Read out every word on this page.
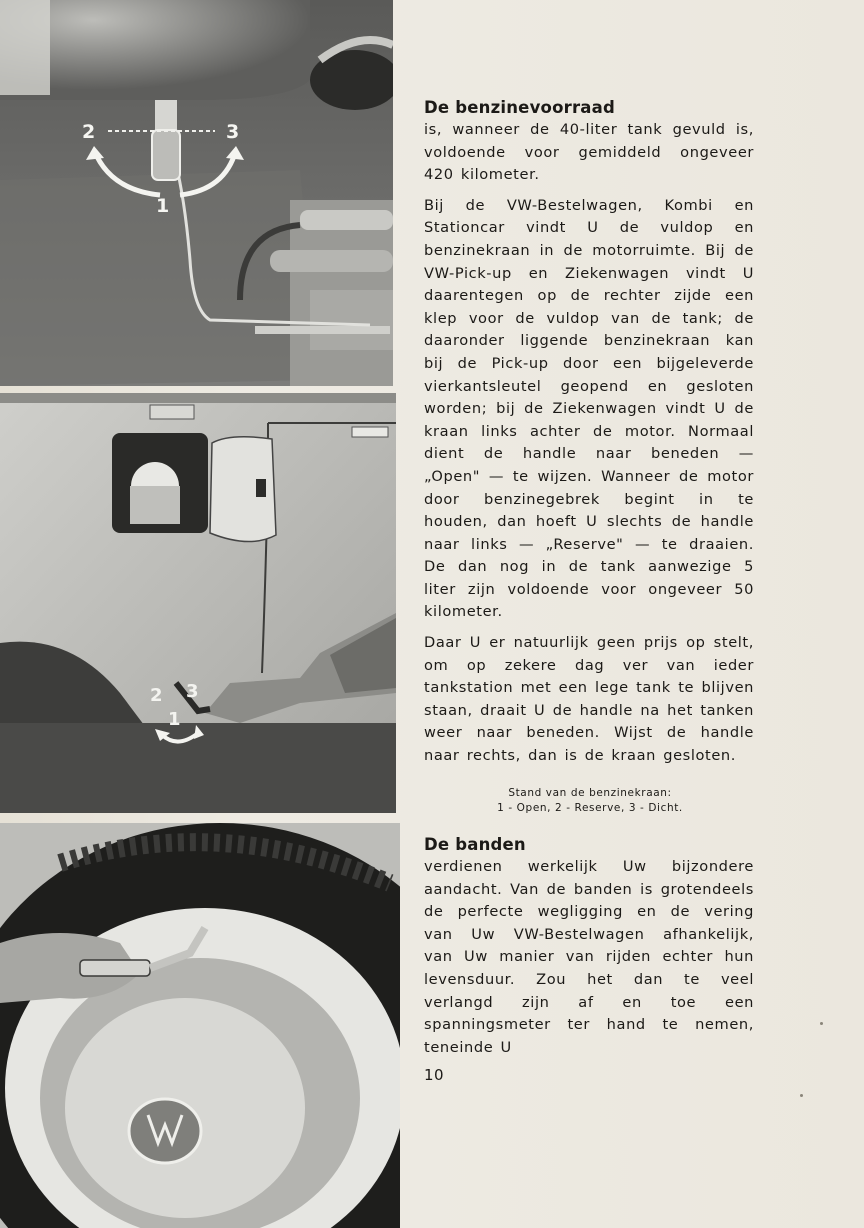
2	3
1
2 3
1
De benzinevoorraad

is, wanneer de 40-liter tank gevuld is, voldoende voor gemiddeld ongeveer 420 kilometer.

Bij de VW-Bestelwagen, Kombi en Stationcar vindt U de vuldop en benzinekraan in de motorruimte. Bij de VW-Pick-up en Ziekenwagen vindt U daarentegen op de rechter zijde een klep voor de vuldop van de tank; de daaronder liggende benzinekraan kan bij de Pick-up door een bijgeleverde vierkantsleutel geopend en gesloten worden; bij de Ziekenwagen vindt U de kraan links achter de motor. Normaal dient de handle naar beneden — „Open" — te wijzen. Wanneer de motor door benzinegebrek begint in te houden, dan hoeft U slechts de handle naar links — „Reserve" — te draaien. De dan nog in de tank aanwezige 5 liter zijn voldoende voor ongeveer 50 kilometer.

Daar U er natuurlijk geen prijs op stelt, om op zekere dag ver van ieder tankstation met een lege tank te blijven staan, draait U de handle na het tanken weer naar beneden. Wijst de handle naar rechts, dan is de kraan gesloten.

Stand van de benzinekraan:
1 - Open, 2 - Reserve, 3 - Dicht.
De banden

verdienen werkelijk Uw bijzondere aandacht. Van de banden is grotendeels de perfecte wegligging en de vering van Uw VW-Bestelwagen afhankelijk, van Uw manier van rijden echter hun levensduur. Zou het dan te veel verlangd zijn af en toe een spanningsmeter ter hand te nemen, teneinde U

10
